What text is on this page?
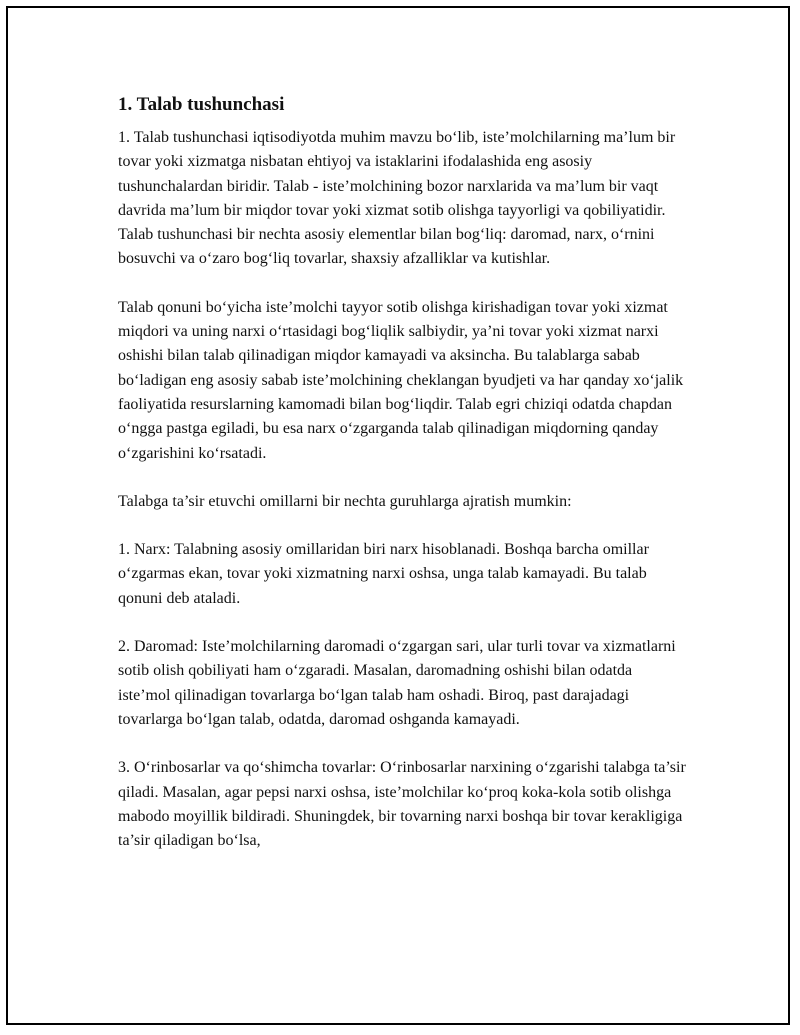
1. Talab tushunchasi

1. Talab tushunchasi iqtisodiyotda muhim mavzu bo‘lib, iste’molchilarning ma’lum bir tovar yoki xizmatga nisbatan ehtiyoj va istaklarini ifodalashida eng asosiy tushunchalardan biridir. Talab - iste’molchining bozor narxlarida va ma’lum bir vaqt davrida ma’lum bir miqdor tovar yoki xizmat sotib olishga tayyorligi va qobiliyatidir. Talab tushunchasi bir nechta asosiy elementlar bilan bog‘liq: daromad, narx, o‘rnini bosuvchi va o‘zaro bog‘liq tovarlar, shaxsiy afzalliklar va kutishlar.

Talab qonuni bo‘yicha iste’molchi tayyor sotib olishga kirishadigan tovar yoki xizmat miqdori va uning narxi o‘rtasidagi bog‘liqlik salbiydir, ya’ni tovar yoki xizmat narxi oshishi bilan talab qilinadigan miqdor kamayadi va aksincha. Bu talablarga sabab bo‘ladigan eng asosiy sabab iste’molchining cheklangan byudjeti va har qanday xo‘jalik faoliyatida resurslarning kamomadi bilan bog‘liqdir. Talab egri chiziqi odatda chapdan o‘ngga pastga egiladi, bu esa narx o‘zgarganda talab qilinadigan miqdorning qanday o‘zgarishini ko‘rsatadi.

Talabga ta’sir etuvchi omillarni bir nechta guruhlarga ajratish mumkin:

1. Narx: Talabning asosiy omillaridan biri narx hisoblanadi. Boshqa barcha omillar o‘zgarmas ekan, tovar yoki xizmatning narxi oshsa, unga talab kamayadi. Bu talab qonuni deb ataladi.

2. Daromad: Iste’molchilarning daromadi o‘zgargan sari, ular turli tovar va xizmatlarni sotib olish qobiliyati ham o‘zgaradi. Masalan, daromadning oshishi bilan odatda iste’mol qilinadigan tovarlarga bo‘lgan talab ham oshadi. Biroq, past darajadagi tovarlarga bo‘lgan talab, odatda, daromad oshganda kamayadi.

3. O‘rinbosarlar va qo‘shimcha tovarlar: O‘rinbosarlar narxining o‘zgarishi talabga ta’sir qiladi. Masalan, agar pepsi narxi oshsa, iste’molchilar ko‘proq koka-kola sotib olishga mabodo moyillik bildiradi. Shuningdek, bir tovarning narxi boshqa bir tovar kerakligiga ta’sir qiladigan bo‘lsa,
